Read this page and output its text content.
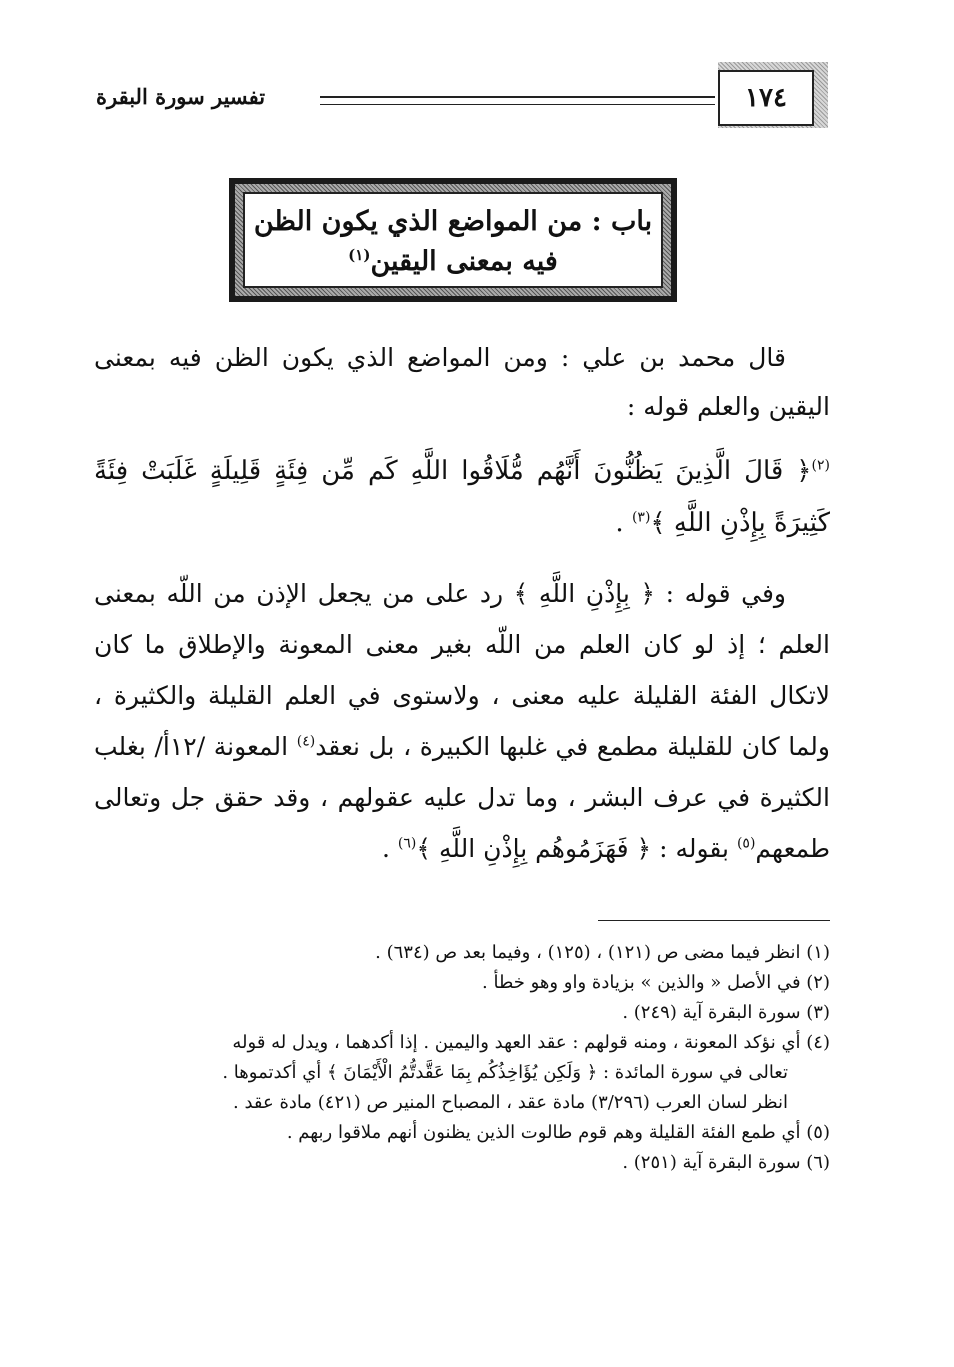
تفسير سورة البقرة	١٧٤
باب : من المواضع الذي يكون الظن
فيه بمعنى اليقين$^{(١)}$

قال محمد بن علي : ومن المواضع الذي يكون الظن فيه بمعنى اليقين والعلم قوله :

$^{(٢)}$﴿ قَالَ الَّذِينَ يَظُنُّونَ أَنَّهُم مُّلَاقُوا اللَّهِ كَم مِّن فِئَةٍ قَلِيلَةٍ غَلَبَتْ فِئَةً كَثِيرَةً بِإِذْنِ اللَّهِ ﴾$^{(٣)}$ .

وفي قوله : ﴿ بِإِذْنِ اللَّهِ ﴾ رد على من يجعل الإذن من اللّه بمعنى العلم ؛ إذ لو كان العلم من اللّه بغير معنى المعونة والإطلاق ما كان لاتكال الفئة القليلة عليه معنى ، ولاستوى في العلم القليلة والكثيرة ، ولما كان للقليلة مطمع في غلبها الكبيرة ، بل نعقد$^{(٤)}$ المعونة /١٢أ/ بغلب الكثيرة في عرف البشر ، وما تدل عليه عقولهم ، وقد حقق جل وتعالى طمعهم$^{(٥)}$ بقوله : ﴿ فَهَزَمُوهُم بِإِذْنِ اللَّهِ ﴾$^{(٦)}$ .

(١) انظر فيما مضى ص (١٢١) ، (١٢٥) ، وفيما بعد ص (٦٣٤) .
(٢) في الأصل « والذين » بزيادة واو وهو خطأ .
(٣) سورة البقرة آية (٢٤٩) .
(٤) أي نؤكد المعونة ، ومنه قولهم : عقد العهد واليمين . إذا أكدهما ، ويدل له قوله
تعالى في سورة المائدة : ﴿ وَلَكِن يُؤَاخِذُكُم بِمَا عَقَّدتُّمُ الْأَيْمَانَ ﴾ أي أكدتموها .
انظر لسان العرب (٣/٢٩٦) مادة عقد ، المصباح المنير ص (٤٢١) مادة عقد .
(٥) أي طمع الفئة القليلة وهم قوم طالوت الذين يظنون أنهم ملاقوا ربهم .
(٦) سورة البقرة آية (٢٥١) .
